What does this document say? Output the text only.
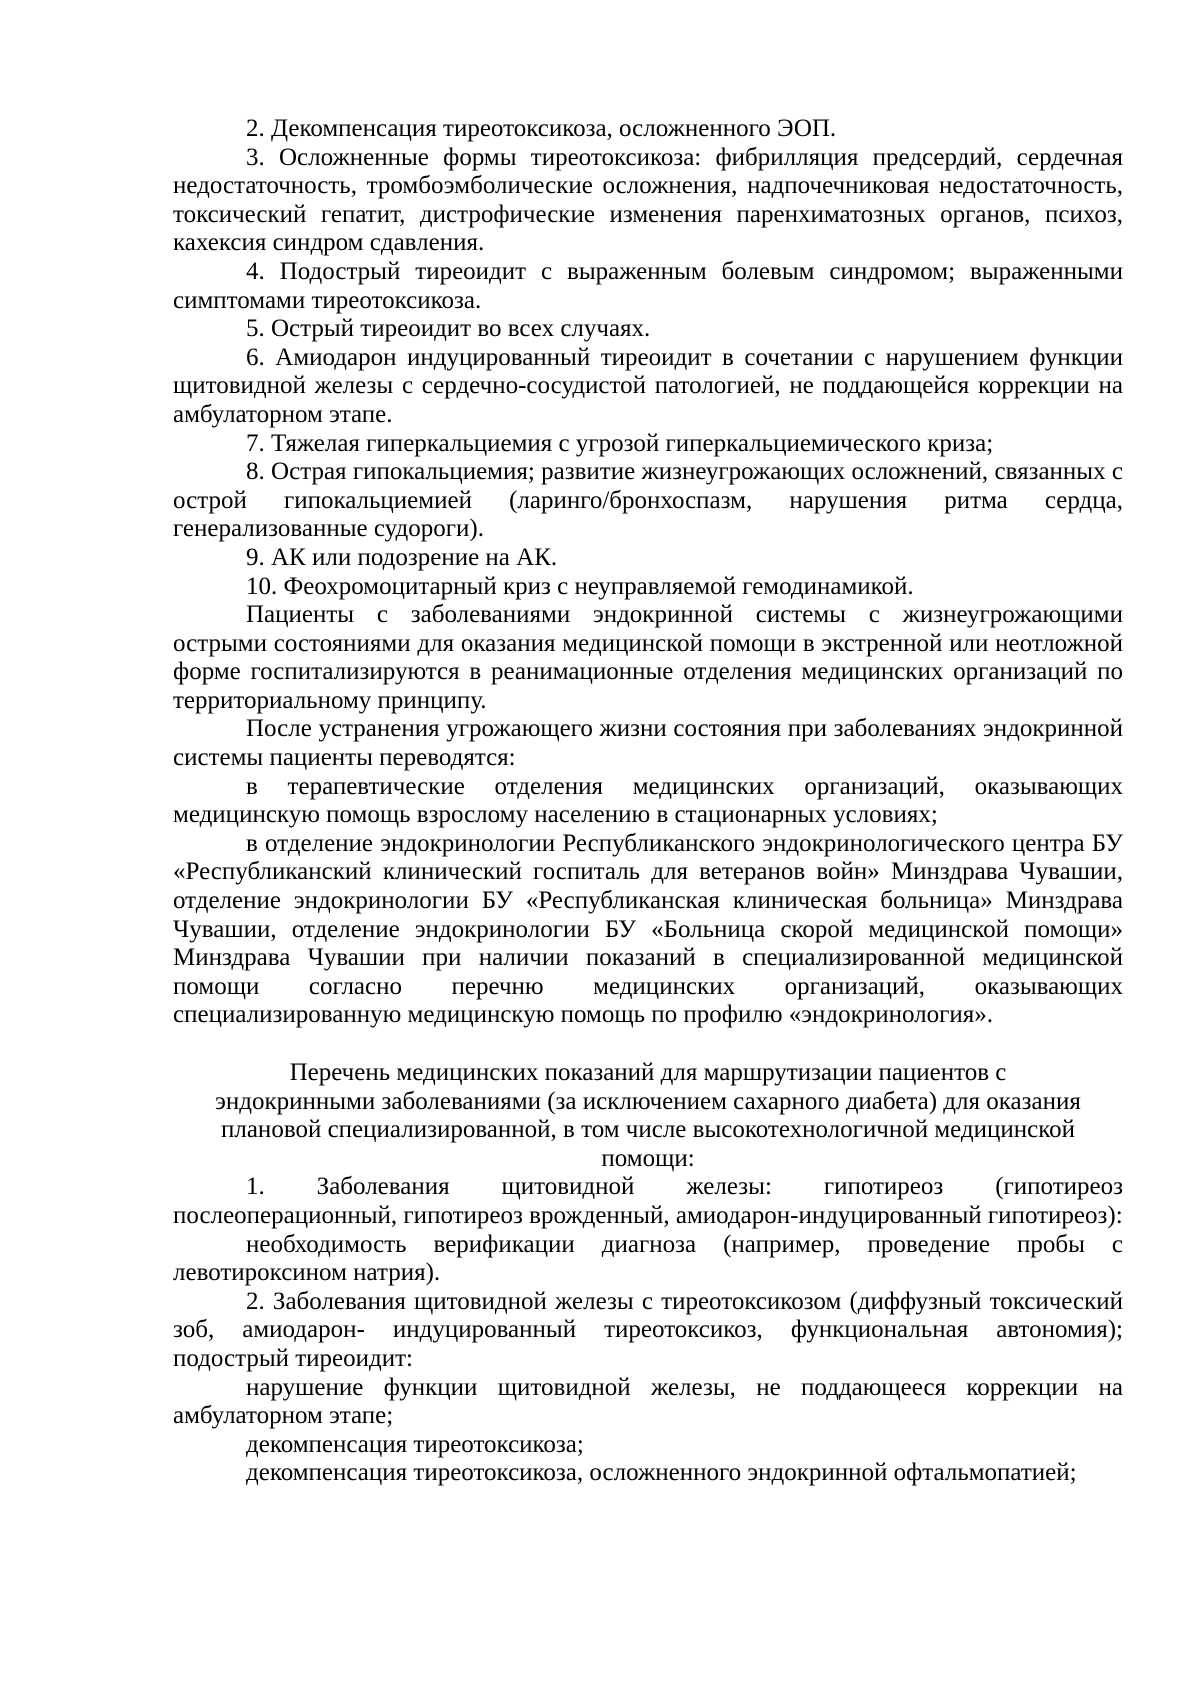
2. Декомпенсация тиреотоксикоза, осложненного ЭОП.

3. Осложненные формы тиреотоксикоза: фибрилляция предсердий, сердечная недостаточность, тромбоэмболические осложнения, надпочечниковая недостаточность, токсический гепатит, дистрофические изменения паренхиматозных органов, психоз, кахексия синдром сдавления.

4. Подострый тиреоидит с выраженным болевым синдромом; выраженными симптомами тиреотоксикоза.

5. Острый тиреоидит во всех случаях.

6. Амиодарон индуцированный тиреоидит в сочетании с нарушением функции щитовидной железы с сердечно-сосудистой патологией, не поддающейся коррекции на амбулаторном этапе.

7. Тяжелая гиперкальциемия с угрозой гиперкальциемического криза;

8. Острая гипокальциемия; развитие жизнеугрожающих осложнений, связанных с острой гипокальциемией (ларинго/бронхоспазм, нарушения ритма сердца, генерализованные судороги).

9. АК или подозрение на АК.

10. Феохромоцитарный криз с неуправляемой гемодинамикой.

Пациенты с заболеваниями эндокринной системы с жизнеугрожающими острыми состояниями для оказания медицинской помощи в экстренной или неотложной форме госпитализируются в реанимационные отделения медицинских организаций по территориальному принципу.

После устранения угрожающего жизни состояния при заболеваниях эндокринной системы пациенты переводятся:

в терапевтические отделения медицинских организаций, оказывающих медицинскую помощь взрослому населению в стационарных условиях;

в отделение эндокринологии Республиканского эндокринологического центра БУ «Республиканский клинический госпиталь для ветеранов войн» Минздрава Чувашии, отделение эндокринологии БУ «Республиканская клиническая больница» Минздрава Чувашии, отделение эндокринологии БУ «Больница скорой медицинской помощи» Минздрава Чувашии при наличии показаний в специализированной медицинской помощи согласно перечню медицинских организаций, оказывающих специализированную медицинскую помощь по профилю «эндокринология».

Перечень медицинских показаний для маршрутизации пациентов с
эндокринными заболеваниями (за исключением сахарного диабета) для оказания
плановой специализированной, в том числе высокотехнологичной медицинской
помощи:

1. Заболевания щитовидной железы: гипотиреоз (гипотиреоз послеоперационный, гипотиреоз врожденный, амиодарон-индуцированный гипотиреоз):

необходимость верификации диагноза (например, проведение пробы с левотироксином натрия).

2. Заболевания щитовидной железы с тиреотоксикозом (диффузный токсический зоб, амиодарон- индуцированный тиреотоксикоз, функциональная автономия); подострый тиреоидит:

нарушение функции щитовидной железы, не поддающееся коррекции на амбулаторном этапе;

декомпенсация тиреотоксикоза;

декомпенсация тиреотоксикоза, осложненного эндокринной офтальмопатией;
